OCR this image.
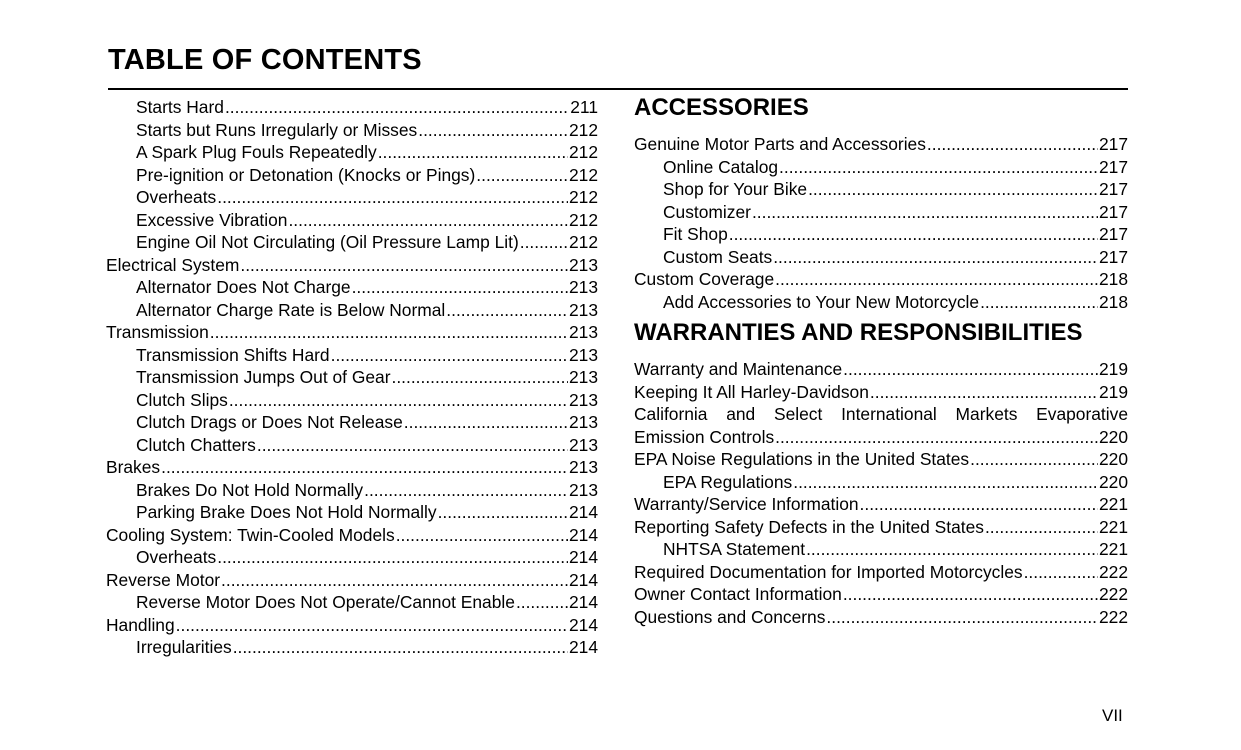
TABLE OF CONTENTS
Starts Hard .....	211
Starts but Runs Irregularly or Misses .....	212
A Spark Plug Fouls Repeatedly .....	212
Pre-ignition or Detonation (Knocks or Pings) .....	212
Overheats .....	212
Excessive Vibration .....	212
Engine Oil Not Circulating (Oil Pressure Lamp Lit) .....	212
Electrical System .....	213
Alternator Does Not Charge .....	213
Alternator Charge Rate is Below Normal .....	213
Transmission .....	213
Transmission Shifts Hard .....	213
Transmission Jumps Out of Gear .....	213
Clutch Slips .....	213
Clutch Drags or Does Not Release .....	213
Clutch Chatters .....	213
Brakes .....	213
Brakes Do Not Hold Normally .....	213
Parking Brake Does Not Hold Normally .....	214
Cooling System: Twin-Cooled Models .....	214
Overheats .....	214
Reverse Motor .....	214
Reverse Motor Does Not Operate/Cannot Enable .....	214
Handling .....	214
Irregularities .....	214
ACCESSORIES
Genuine Motor Parts and Accessories .....	217
Online Catalog .....	217
Shop for Your Bike .....	217
Customizer .....	217
Fit Shop .....	217
Custom Seats .....	217
Custom Coverage .....	218
Add Accessories to Your New Motorcycle .....	218
WARRANTIES AND RESPONSIBILITIES
Warranty and Maintenance .....	219
Keeping It All Harley-Davidson .....	219
California and Select International Markets Evaporative
Emission Controls .....	220
EPA Noise Regulations in the United States .....	220
EPA Regulations .....	220
Warranty/Service Information .....	221
Reporting Safety Defects in the United States .....	221
NHTSA Statement .....	221
Required Documentation for Imported Motorcycles .....	222
Owner Contact Information .....	222
Questions and Concerns .....	222
VII
